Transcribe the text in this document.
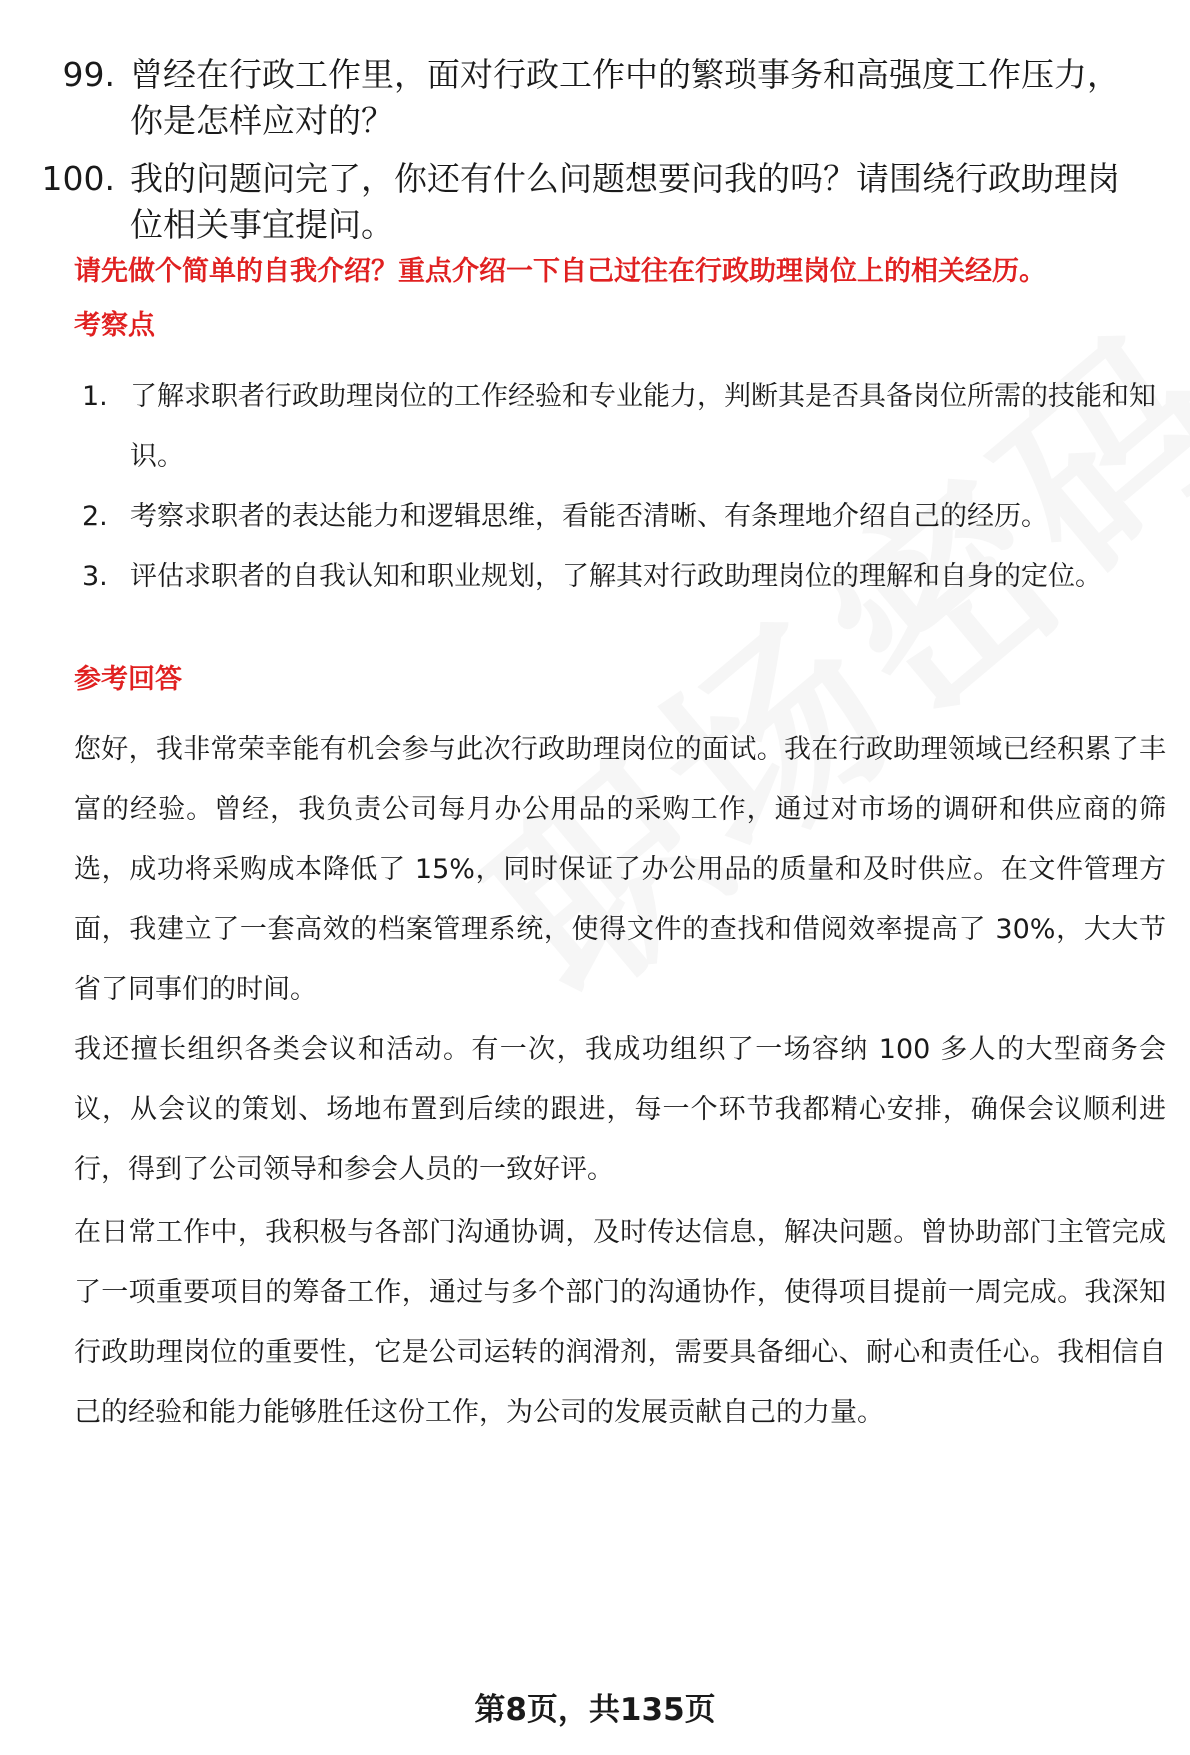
99. 曾经在行政工作里，面对行政工作中的繁琐事务和高强度工作压力，你是怎样应对的？
100. 我的问题问完了，你还有什么问题想要问我的吗？请围绕行政助理岗位相关事宜提问。
请先做个简单的自我介绍？重点介绍一下自己过往在行政助理岗位上的相关经历。
考察点
1. 了解求职者行政助理岗位的工作经验和专业能力，判断其是否具备岗位所需的技能和知识。
2. 考察求职者的表达能力和逻辑思维，看能否清晰、有条理地介绍自己的经历。
3. 评估求职者的自我认知和职业规划，了解其对行政助理岗位的理解和自身的定位。
参考回答
您好，我非常荣幸能有机会参与此次行政助理岗位的面试。我在行政助理领域已经积累了丰富的经验。曾经，我负责公司每月办公用品的采购工作，通过对市场的调研和供应商的筛选，成功将采购成本降低了 15%，同时保证了办公用品的质量和及时供应。在文件管理方面，我建立了一套高效的档案管理系统，使得文件的查找和借阅效率提高了 30%，大大节省了同事们的时间。
我还擅长组织各类会议和活动。有一次，我成功组织了一场容纳 100 多人的大型商务会议，从会议的策划、场地布置到后续的跟进，每一个环节我都精心安排，确保会议顺利进行，得到了公司领导和参会人员的一致好评。
在日常工作中，我积极与各部门沟通协调，及时传达信息，解决问题。曾协助部门主管完成了一项重要项目的筹备工作，通过与多个部门的沟通协作，使得项目提前一周完成。我深知行政助理岗位的重要性，它是公司运转的润滑剂，需要具备细心、耐心和责任心。我相信自己的经验和能力能够胜任这份工作，为公司的发展贡献自己的力量。
第8页，共135页
